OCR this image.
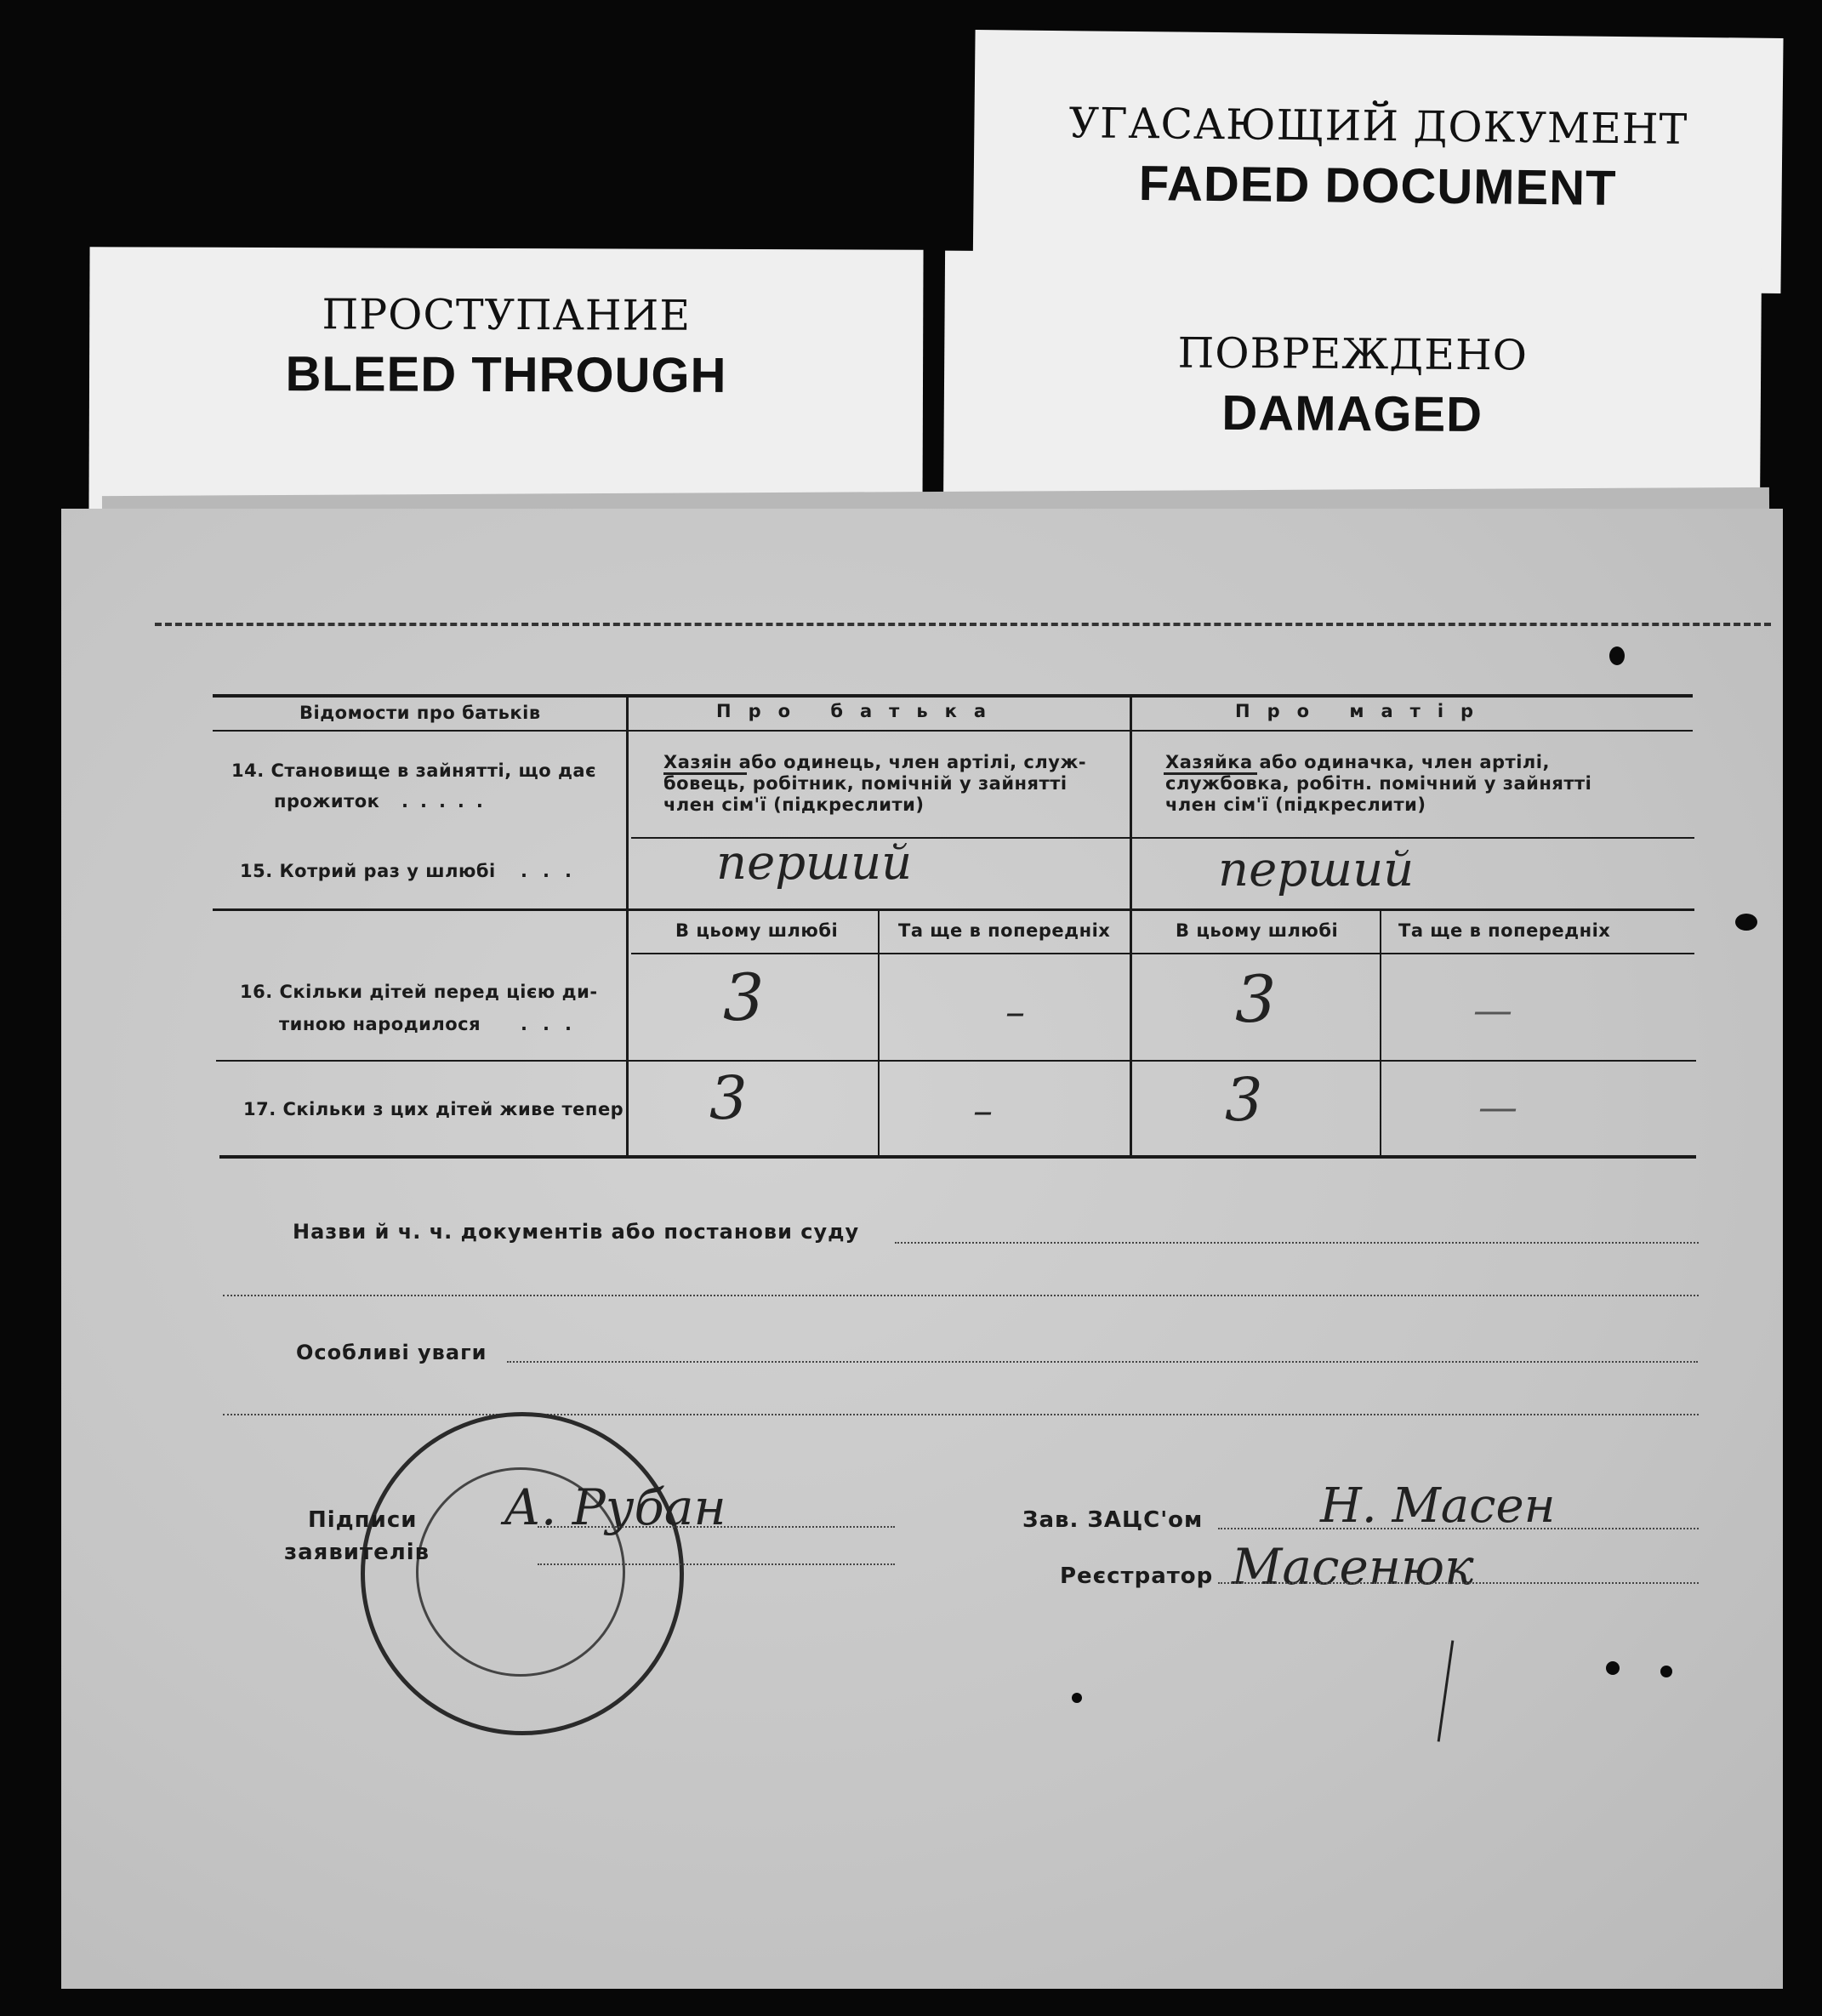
УГАСАЮЩИЙ ДОКУМЕНТ
FADED DOCUMENT
ПРОСТУПАНИЕ
BLEED THROUGH	ПОВРЕЖДЕНО
DAMAGED
Відомости про батьків	Про батька	Про матір
14. Становище в зайнятті, що дає
прожиток .....
Хазяін або одинець, член артілі, служ-
бовець, робітник, помічній у зайнятті
член сім'ї (підкреслити)
Хазяйка або одиначка, член артілі,
службовка, робітн. помічний у зайнятті
член сім'ї (підкреслити)
15. Котрий раз у шлюбі ...	перший	перший
В цьому шлюбі	Та ще в попередніх	В цьому шлюбі	Та ще в попередніх
16. Скільки дітей перед цією ди-
тиною народилося ... 3	–	3	—
17. Скільки з цих дітей живе тепер 3	–	3	—
Назви й ч. ч. документів або постанови суду
Особливі уваги
Підписи
заявителів
А. Рубан	Зав. ЗАЦС'ом Н. Масен
Реєстратор Масенюк
